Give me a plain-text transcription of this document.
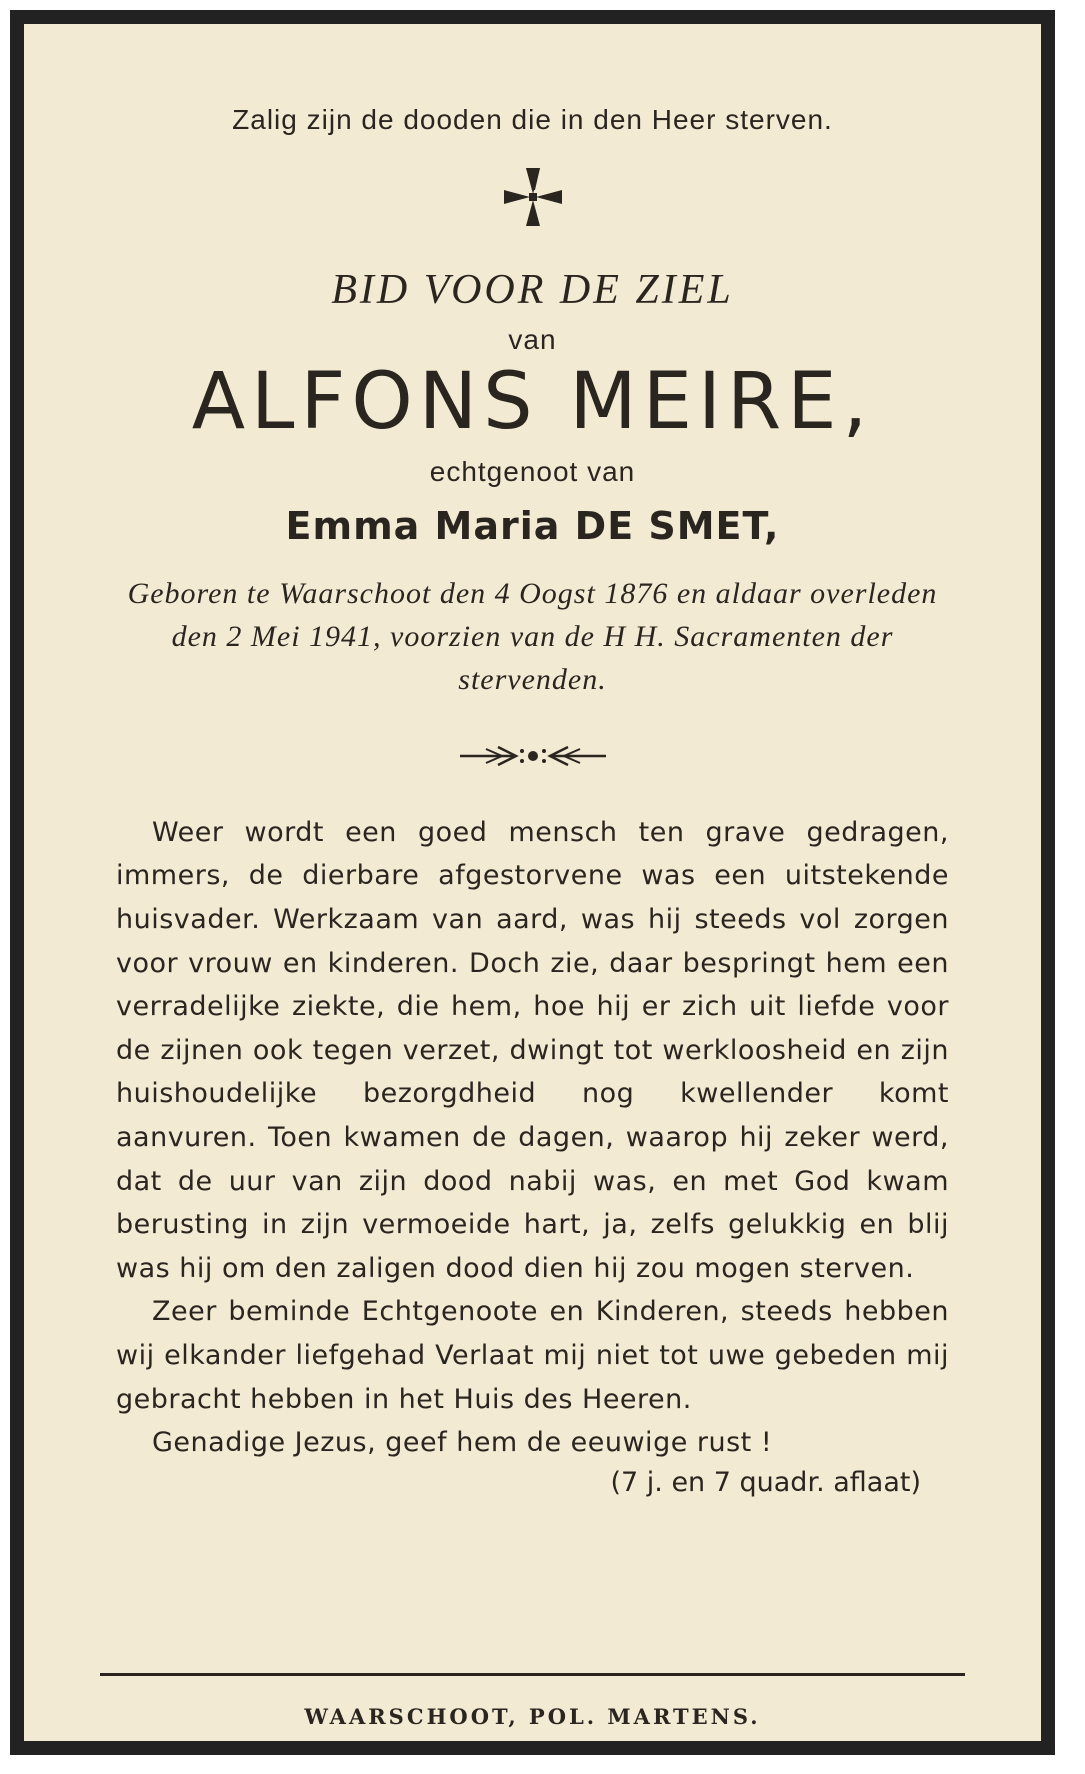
Zalig zijn de dooden die in den Heer sterven.
BID VOOR DE ZIEL
van
ALFONS MEIRE,
echtgenoot van
Emma Maria DE SMET,
Geboren te Waarschoot den 4 Oogst 1876 en aldaar overleden den 2 Mei 1941, voorzien van de H H. Sacramenten der stervenden.

Weer wordt een goed mensch ten grave gedragen, immers, de dierbare afgestorvene was een uitstekende huisvader. Werkzaam van aard, was hij steeds vol zorgen voor vrouw en kinderen. Doch zie, daar bespringt hem een verradelijke ziekte, die hem, hoe hij er zich uit liefde voor de zijnen ook tegen verzet, dwingt tot werkloosheid en zijn huishoudelijke bezorgdheid nog kwellender komt aanvuren. Toen kwamen de dagen, waarop hij zeker werd, dat de uur van zijn dood nabij was, en met God kwam berusting in zijn vermoeide hart, ja, zelfs gelukkig en blij was hij om den zaligen dood dien hij zou mogen sterven.

Zeer beminde Echtgenoote en Kinderen, steeds hebben wij elkander liefgehad Verlaat mij niet tot uwe gebeden mij gebracht hebben in het Huis des Heeren.

Genadige Jezus, geef hem de eeuwige rust !

(7 j. en 7 quadr. aflaat)
WAARSCHOOT, POL. MARTENS.
